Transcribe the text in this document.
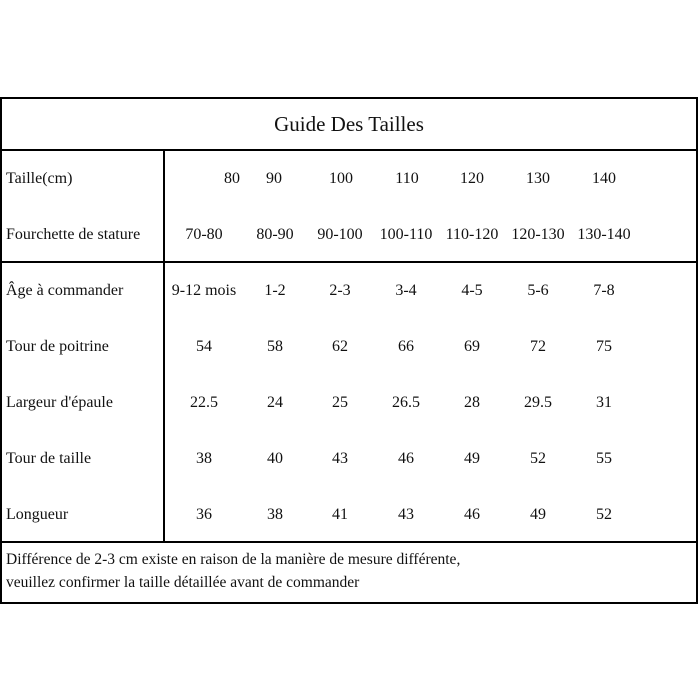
Guide Des Tailles
Taille(cm)	80	90	100	110	120	130	140
Fourchette de stature	70-80	80-90	90-100	100-110 110-120 120-130 130-140
Âge à commander	9-12 mois	1-2	2-3	3-4	4-5	5-6	7-8
Tour de poitrine	54	58	62	66	69	72	75
Largeur d'épaule	22.5	24	25	26.5	28	29.5	31
Tour de taille	38	40	43	46	49	52	55
Longueur	36	38	41	43	46	49	52
Différence de 2-3 cm existe en raison de la manière de mesure différente,
veuillez confirmer la taille détaillée avant de commander
